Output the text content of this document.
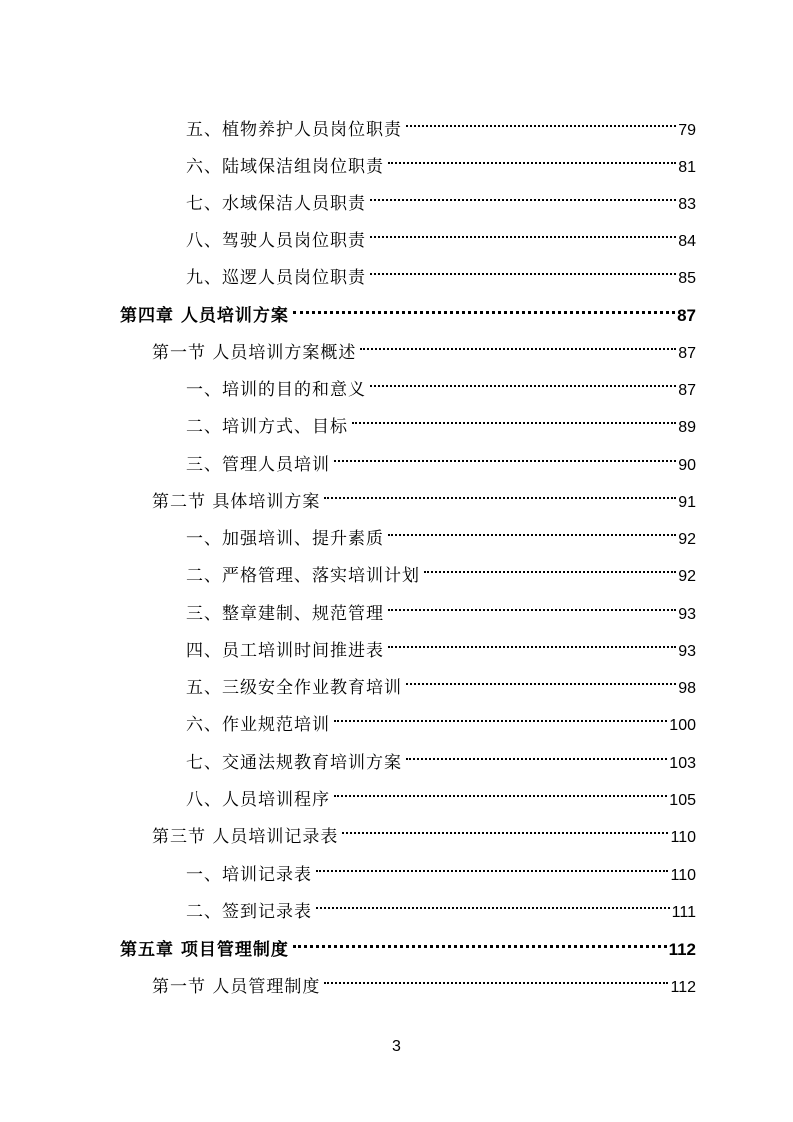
五、植物养护人员岗位职责	79
六、陆域保洁组岗位职责	81
七、水域保洁人员职责	83
八、驾驶人员岗位职责	84
九、巡逻人员岗位职责	85
第四章 人员培训方案	87
第一节 人员培训方案概述	87
一、培训的目的和意义	87
二、培训方式、目标	89
三、管理人员培训	90
第二节 具体培训方案	91
一、加强培训、提升素质	92
二、严格管理、落实培训计划	92
三、整章建制、规范管理	93
四、员工培训时间推进表	93
五、三级安全作业教育培训	98
六、作业规范培训	100
七、交通法规教育培训方案	103
八、人员培训程序	105
第三节 人员培训记录表	110
一、培训记录表	110
二、签到记录表	111
第五章 项目管理制度	112
第一节 人员管理制度	112
3
